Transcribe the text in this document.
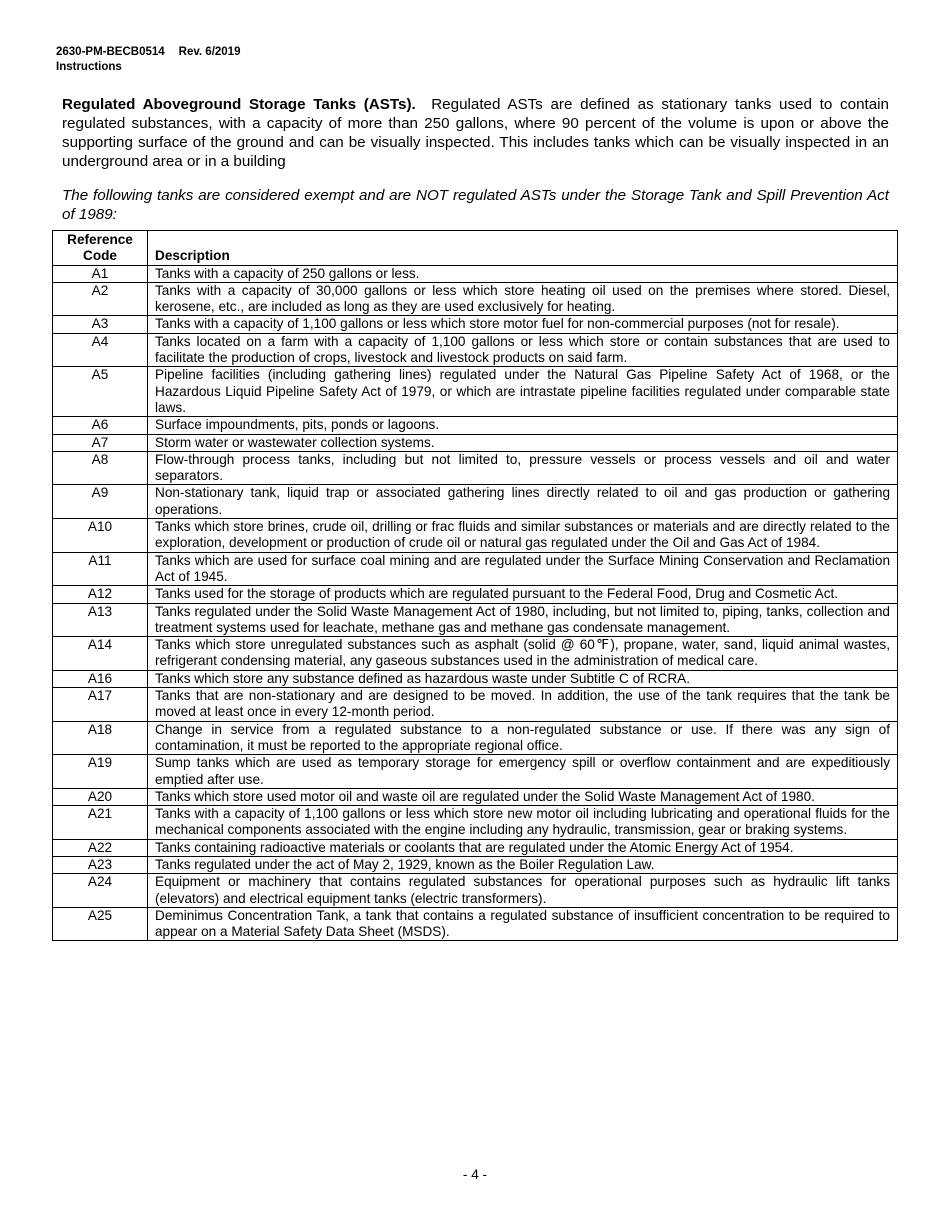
2630-PM-BECB0514 Rev. 6/2019
Instructions
Regulated Aboveground Storage Tanks (ASTs). Regulated ASTs are defined as stationary tanks used to contain regulated substances, with a capacity of more than 250 gallons, where 90 percent of the volume is upon or above the supporting surface of the ground and can be visually inspected. This includes tanks which can be visually inspected in an underground area or in a building
The following tanks are considered exempt and are NOT regulated ASTs under the Storage Tank and Spill Prevention Act of 1989:
Reference Code	Description
A1	Tanks with a capacity of 250 gallons or less.
A2	Tanks with a capacity of 30,000 gallons or less which store heating oil used on the premises where stored. Diesel, kerosene, etc., are included as long as they are used exclusively for heating.
A3	Tanks with a capacity of 1,100 gallons or less which store motor fuel for non-commercial purposes (not for resale).
A4	Tanks located on a farm with a capacity of 1,100 gallons or less which store or contain substances that are used to facilitate the production of crops, livestock and livestock products on said farm.
A5	Pipeline facilities (including gathering lines) regulated under the Natural Gas Pipeline Safety Act of 1968, or the Hazardous Liquid Pipeline Safety Act of 1979, or which are intrastate pipeline facilities regulated under comparable state laws.
A6	Surface impoundments, pits, ponds or lagoons.
A7	Storm water or wastewater collection systems.
A8	Flow-through process tanks, including but not limited to, pressure vessels or process vessels and oil and water separators.
A9	Non-stationary tank, liquid trap or associated gathering lines directly related to oil and gas production or gathering operations.
A10	Tanks which store brines, crude oil, drilling or frac fluids and similar substances or materials and are directly related to the exploration, development or production of crude oil or natural gas regulated under the Oil and Gas Act of 1984.
A11	Tanks which are used for surface coal mining and are regulated under the Surface Mining Conservation and Reclamation Act of 1945.
A12	Tanks used for the storage of products which are regulated pursuant to the Federal Food, Drug and Cosmetic Act.
A13	Tanks regulated under the Solid Waste Management Act of 1980, including, but not limited to, piping, tanks, collection and treatment systems used for leachate, methane gas and methane gas condensate management.
A14	Tanks which store unregulated substances such as asphalt (solid @ 60℉), propane, water, sand, liquid animal wastes, refrigerant condensing material, any gaseous substances used in the administration of medical care.
A16	Tanks which store any substance defined as hazardous waste under Subtitle C of RCRA.
A17	Tanks that are non-stationary and are designed to be moved. In addition, the use of the tank requires that the tank be moved at least once in every 12-month period.
A18	Change in service from a regulated substance to a non-regulated substance or use. If there was any sign of contamination, it must be reported to the appropriate regional office.
A19	Sump tanks which are used as temporary storage for emergency spill or overflow containment and are expeditiously emptied after use.
A20	Tanks which store used motor oil and waste oil are regulated under the Solid Waste Management Act of 1980.
A21	Tanks with a capacity of 1,100 gallons or less which store new motor oil including lubricating and operational fluids for the mechanical components associated with the engine including any hydraulic, transmission, gear or braking systems.
A22	Tanks containing radioactive materials or coolants that are regulated under the Atomic Energy Act of 1954.
A23	Tanks regulated under the act of May 2, 1929, known as the Boiler Regulation Law.
A24	Equipment or machinery that contains regulated substances for operational purposes such as hydraulic lift tanks (elevators) and electrical equipment tanks (electric transformers).
A25	Deminimus Concentration Tank, a tank that contains a regulated substance of insufficient concentration to be required to appear on a Material Safety Data Sheet (MSDS).
- 4 -
